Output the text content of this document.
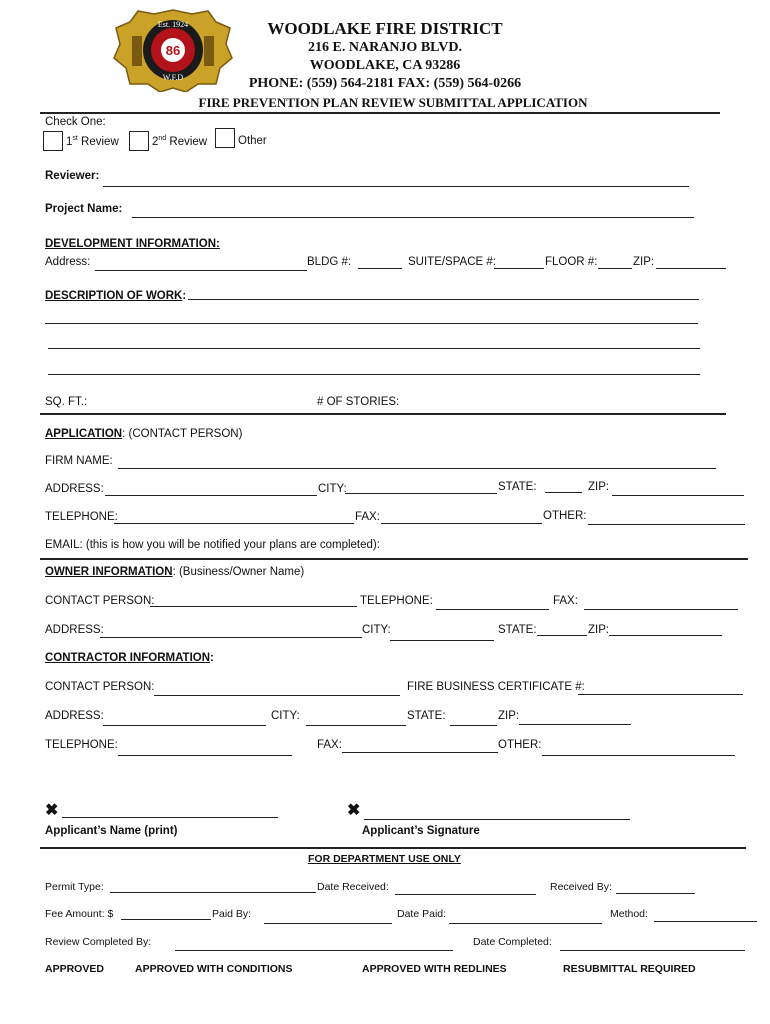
Est. 1924
86
W.F.D
WOODLAKE FIRE DISTRICT
216 E. NARANJO BLVD.
WOODLAKE, CA 93286
PHONE: (559) 564-2181 FAX: (559) 564-0266
FIRE PREVENTION PLAN REVIEW SUBMITTAL APPLICATION
Check One:
1st Review	2nd Review	Other
Reviewer:
Project Name:
DEVELOPMENT INFORMATION:
Address:	BLDG #:	SUITE/SPACE #:	FLOOR #:	ZIP:
DESCRIPTION OF WORK:
SQ. FT.:	# OF STORIES:
APPLICATION: (CONTACT PERSON)
FIRM NAME:
ADDRESS:	CITY:	STATE:	ZIP:
TELEPHONE:	FAX:	OTHER:
EMAIL: (this is how you will be notified your plans are completed):
OWNER INFORMATION: (Business/Owner Name)
CONTACT PERSON:	TELEPHONE:	FAX:
ADDRESS:	CITY:	STATE:	ZIP:
CONTRACTOR INFORMATION:
CONTACT PERSON:	FIRE BUSINESS CERTIFICATE #:
ADDRESS:	CITY:	STATE:	ZIP:
TELEPHONE:	FAX:	OTHER:
✖
Applicant’s Name (print)
✖
Applicant’s Signature
FOR DEPARTMENT USE ONLY
Permit Type:	Date Received:	Received By:
Fee Amount: $	Paid By:	Date Paid:	Method:
Review Completed By:	Date Completed:
APPROVED	APPROVED WITH CONDITIONS	APPROVED WITH REDLINES	RESUBMITTAL REQUIRED
